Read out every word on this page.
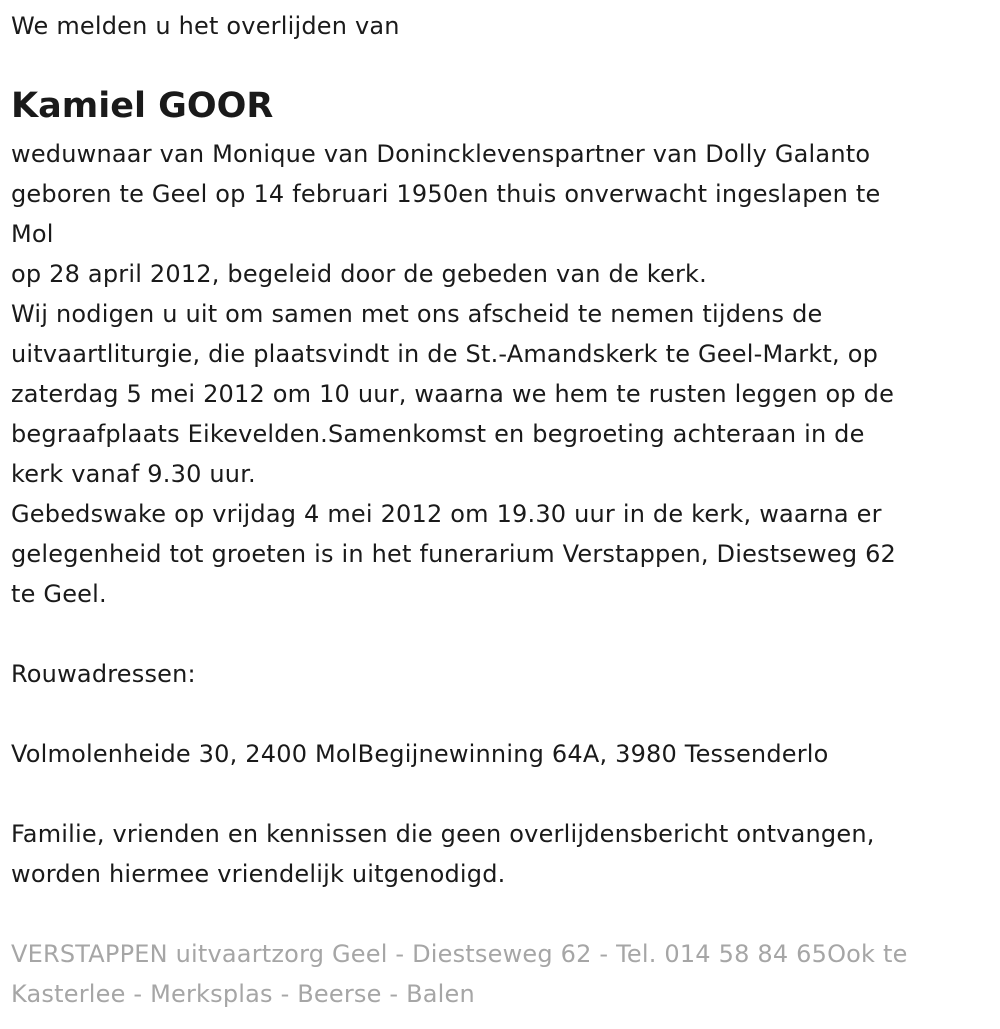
We melden u het overlijden van
Kamiel GOOR

weduwnaar van Monique van Donincklevenspartner van Dolly Galanto

geboren te Geel op 14 februari 1950en thuis onverwacht ingeslapen te

Mol

op 28 april 2012, begeleid door de gebeden van de kerk.

Wij nodigen u uit om samen met ons afscheid te nemen tijdens de

uitvaartliturgie, die plaatsvindt in de St.-Amandskerk te Geel-Markt, op

zaterdag 5 mei 2012 om 10 uur, waarna we hem te rusten leggen op de

begraafplaats Eikevelden.Samenkomst en begroeting achteraan in de

kerk vanaf 9.30 uur.

Gebedswake op vrijdag 4 mei 2012 om 19.30 uur in de kerk, waarna er

gelegenheid tot groeten is in het funerarium Verstappen, Diestseweg 62

te Geel.

Rouwadressen:

Volmolenheide 30, 2400 MolBegijnewinning 64A, 3980 Tessenderlo

Familie, vrienden en kennissen die geen overlijdensbericht ontvangen,

worden hiermee vriendelijk uitgenodigd.

VERSTAPPEN uitvaartzorg Geel - Diestseweg 62 - Tel. 014 58 84 65Ook te
Kasterlee - Merksplas - Beerse - Balen
